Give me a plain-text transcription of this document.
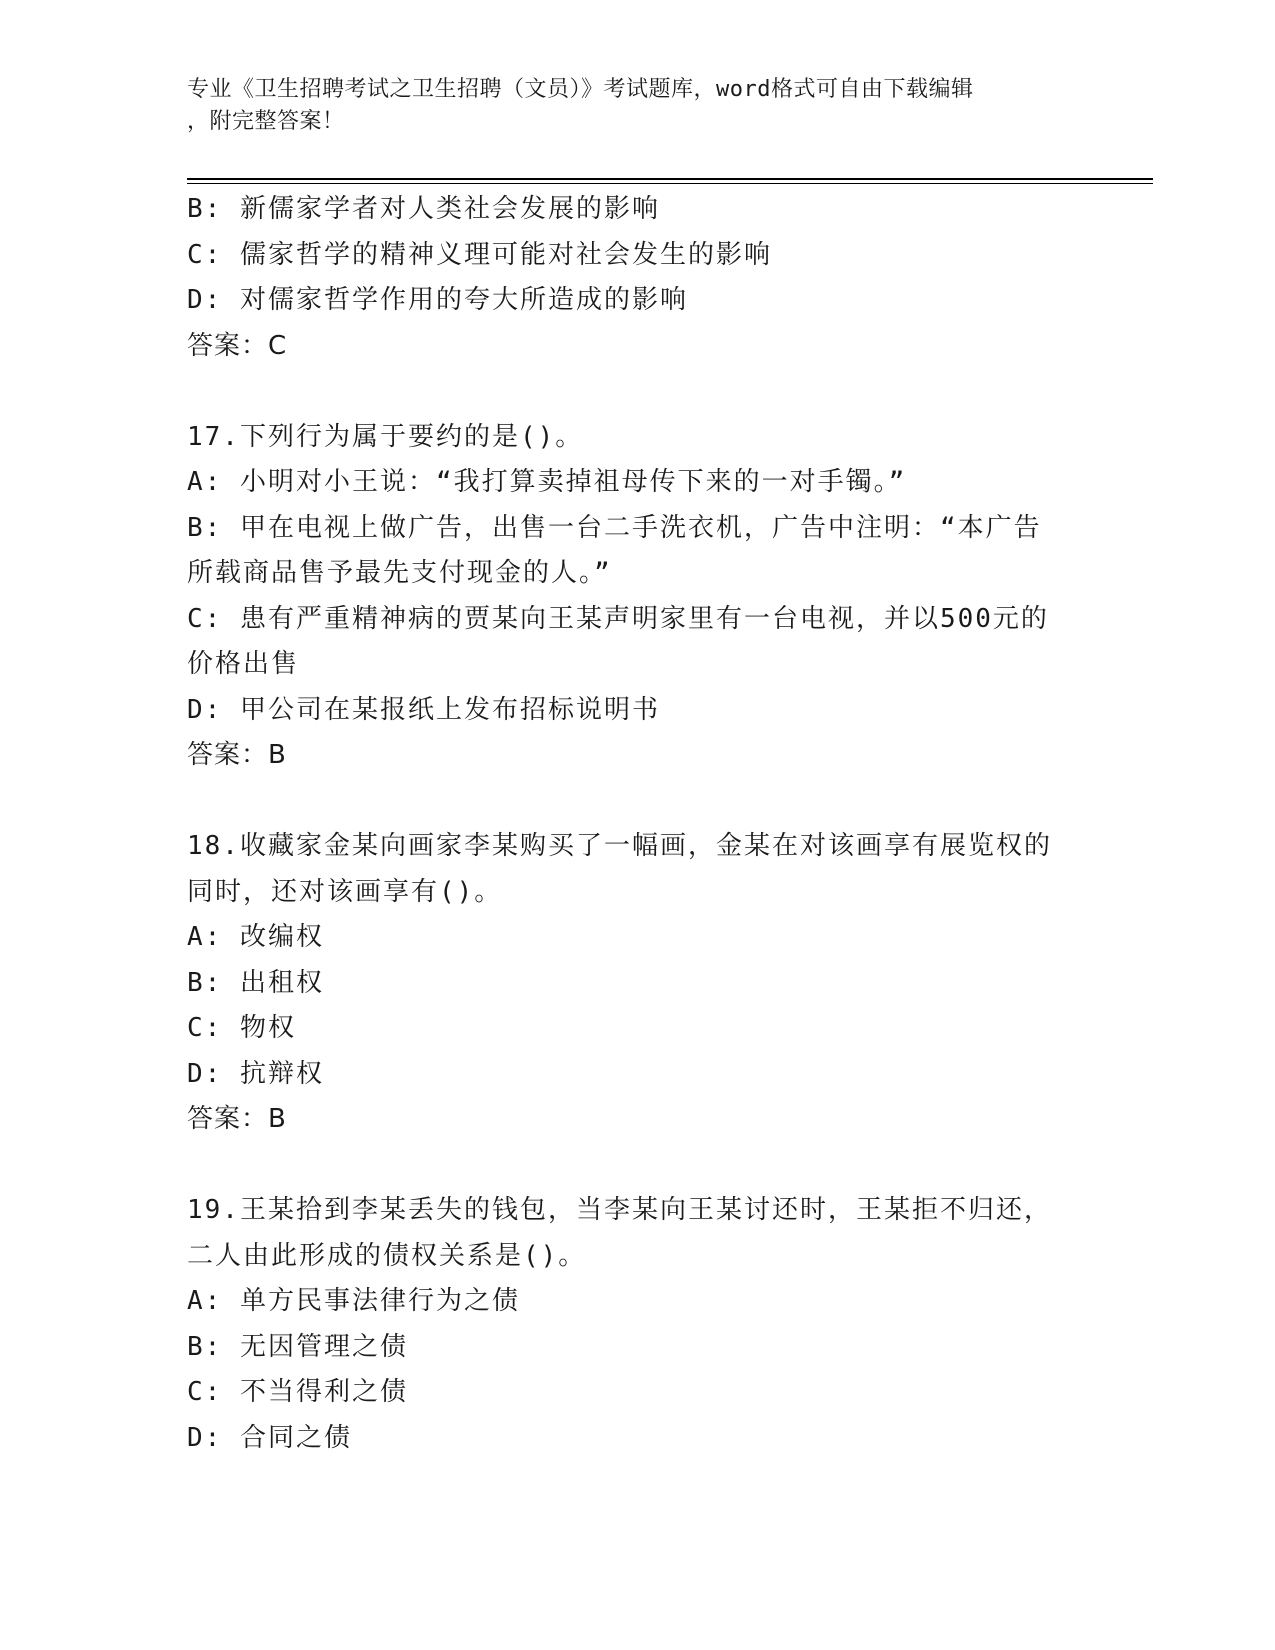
专业《卫生招聘考试之卫生招聘（文员）》考试题库，word格式可自由下载编辑
，附完整答案！
B: 新儒家学者对人类社会发展的影响
C: 儒家哲学的精神义理可能对社会发生的影响
D: 对儒家哲学作用的夸大所造成的影响
答案：C
17.下列行为属于要约的是()。
A: 小明对小王说：“我打算卖掉祖母传下来的一对手镯。”
B: 甲在电视上做广告，出售一台二手洗衣机，广告中注明：“本广告
所载商品售予最先支付现金的人。”
C: 患有严重精神病的贾某向王某声明家里有一台电视，并以500元的
价格出售
D: 甲公司在某报纸上发布招标说明书
答案：B
18.收藏家金某向画家李某购买了一幅画，金某在对该画享有展览权的
同时，还对该画享有()。
A: 改编权
B: 出租权
C: 物权
D: 抗辩权
答案：B
19.王某拾到李某丢失的钱包，当李某向王某讨还时，王某拒不归还，
二人由此形成的债权关系是()。
A: 单方民事法律行为之债
B: 无因管理之债
C: 不当得利之债
D: 合同之债
